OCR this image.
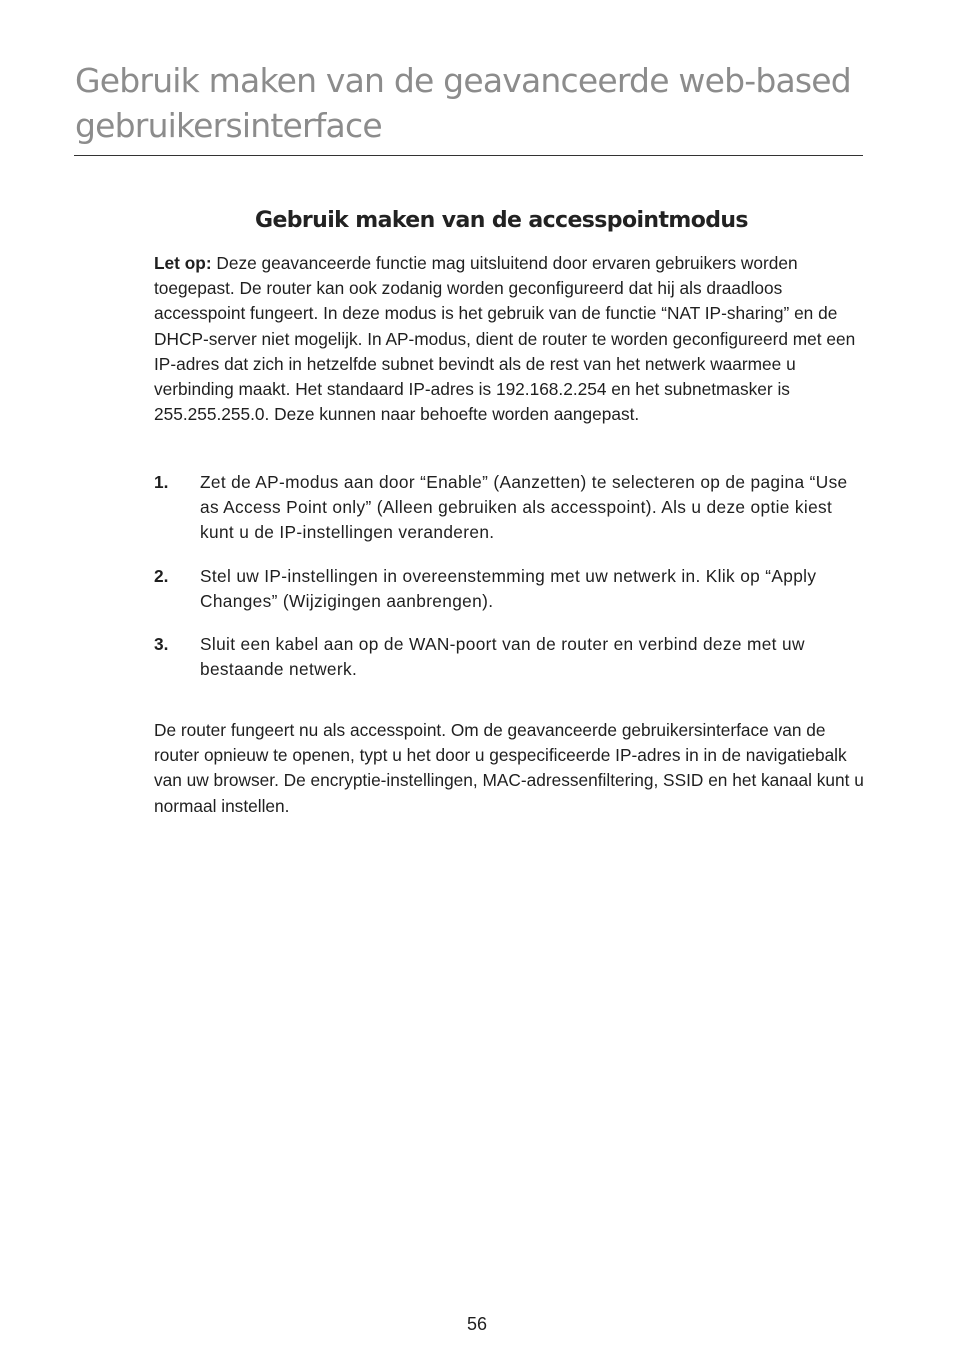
Gebruik maken van de geavanceerde web-based gebruikersinterface
Gebruik maken van de accesspointmodus

Let op: Deze geavanceerde functie mag uitsluitend door ervaren gebruikers worden toegepast. De router kan ook zodanig worden geconfigureerd dat hij als draadloos accesspoint fungeert. In deze modus is het gebruik van de functie “NAT IP-sharing” en de DHCP-server niet mogelijk. In AP-modus, dient de router te worden geconfigureerd met een IP-adres dat zich in hetzelfde subnet bevindt als de rest van het netwerk waarmee u verbinding maakt. Het standaard IP-adres is 192.168.2.254 en het subnetmasker is 255.255.255.0. Deze kunnen naar behoefte worden aangepast.

1. Zet de AP-modus aan door “Enable” (Aanzetten) te selecteren op de pagina “Use as Access Point only” (Alleen gebruiken als accesspoint). Als u deze optie kiest kunt u de IP-instellingen veranderen.
2. Stel uw IP-instellingen in overeenstemming met uw netwerk in. Klik op “Apply Changes” (Wijzigingen aanbrengen).
3. Sluit een kabel aan op de WAN-poort van de router en verbind deze met uw bestaande netwerk.

De router fungeert nu als accesspoint. Om de geavanceerde gebruikersinterface van de router opnieuw te openen, typt u het door u gespecificeerde IP-adres in in de navigatiebalk van uw browser. De encryptie-instellingen, MAC-adressenfiltering, SSID en het kanaal kunt u normaal instellen.

56
